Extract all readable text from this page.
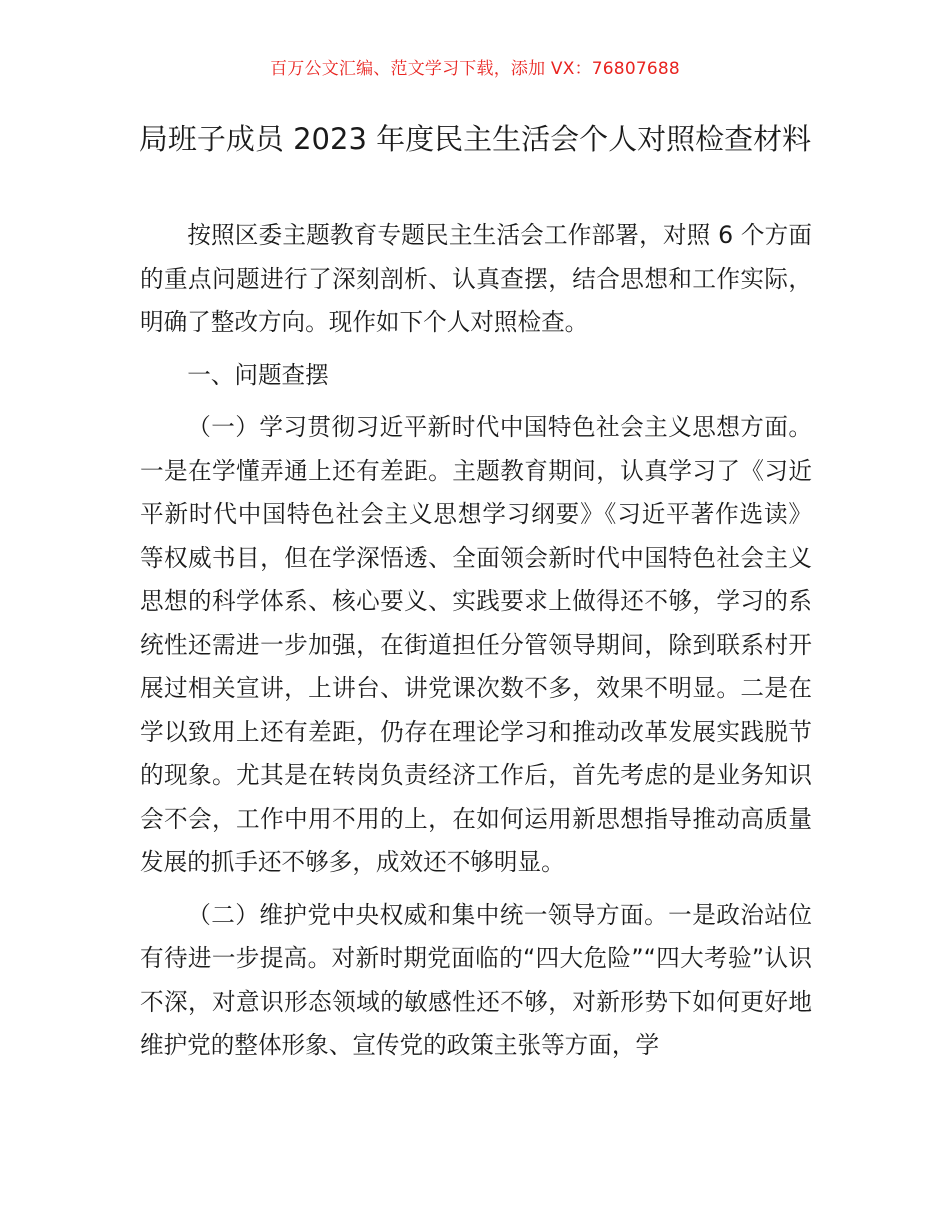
百万公文汇编、范文学习下载，添加 VX：76807688
局班子成员 2023 年度民主生活会个人对照检查材料

按照区委主题教育专题民主生活会工作部署，对照 6 个方面的重点问题进行了深刻剖析、认真查摆，结合思想和工作实际，明确了整改方向。现作如下个人对照检查。

一、问题查摆

（一）学习贯彻习近平新时代中国特色社会主义思想方面。一是在学懂弄通上还有差距。主题教育期间，认真学习了《习近平新时代中国特色社会主义思想学习纲要》《习近平著作选读》等权威书目，但在学深悟透、全面领会新时代中国特色社会主义思想的科学体系、核心要义、实践要求上做得还不够，学习的系统性还需进一步加强，在街道担任分管领导期间，除到联系村开展过相关宣讲，上讲台、讲党课次数不多，效果不明显。二是在学以致用上还有差距，仍存在理论学习和推动改革发展实践脱节的现象。尤其是在转岗负责经济工作后，首先考虑的是业务知识会不会，工作中用不用的上，在如何运用新思想指导推动高质量发展的抓手还不够多，成效还不够明显。

（二）维护党中央权威和集中统一领导方面。一是政治站位有待进一步提高。对新时期党面临的“四大危险”“四大考验”认识不深，对意识形态领域的敏感性还不够，对新形势下如何更好地维护党的整体形象、宣传党的政策主张等方面，学
